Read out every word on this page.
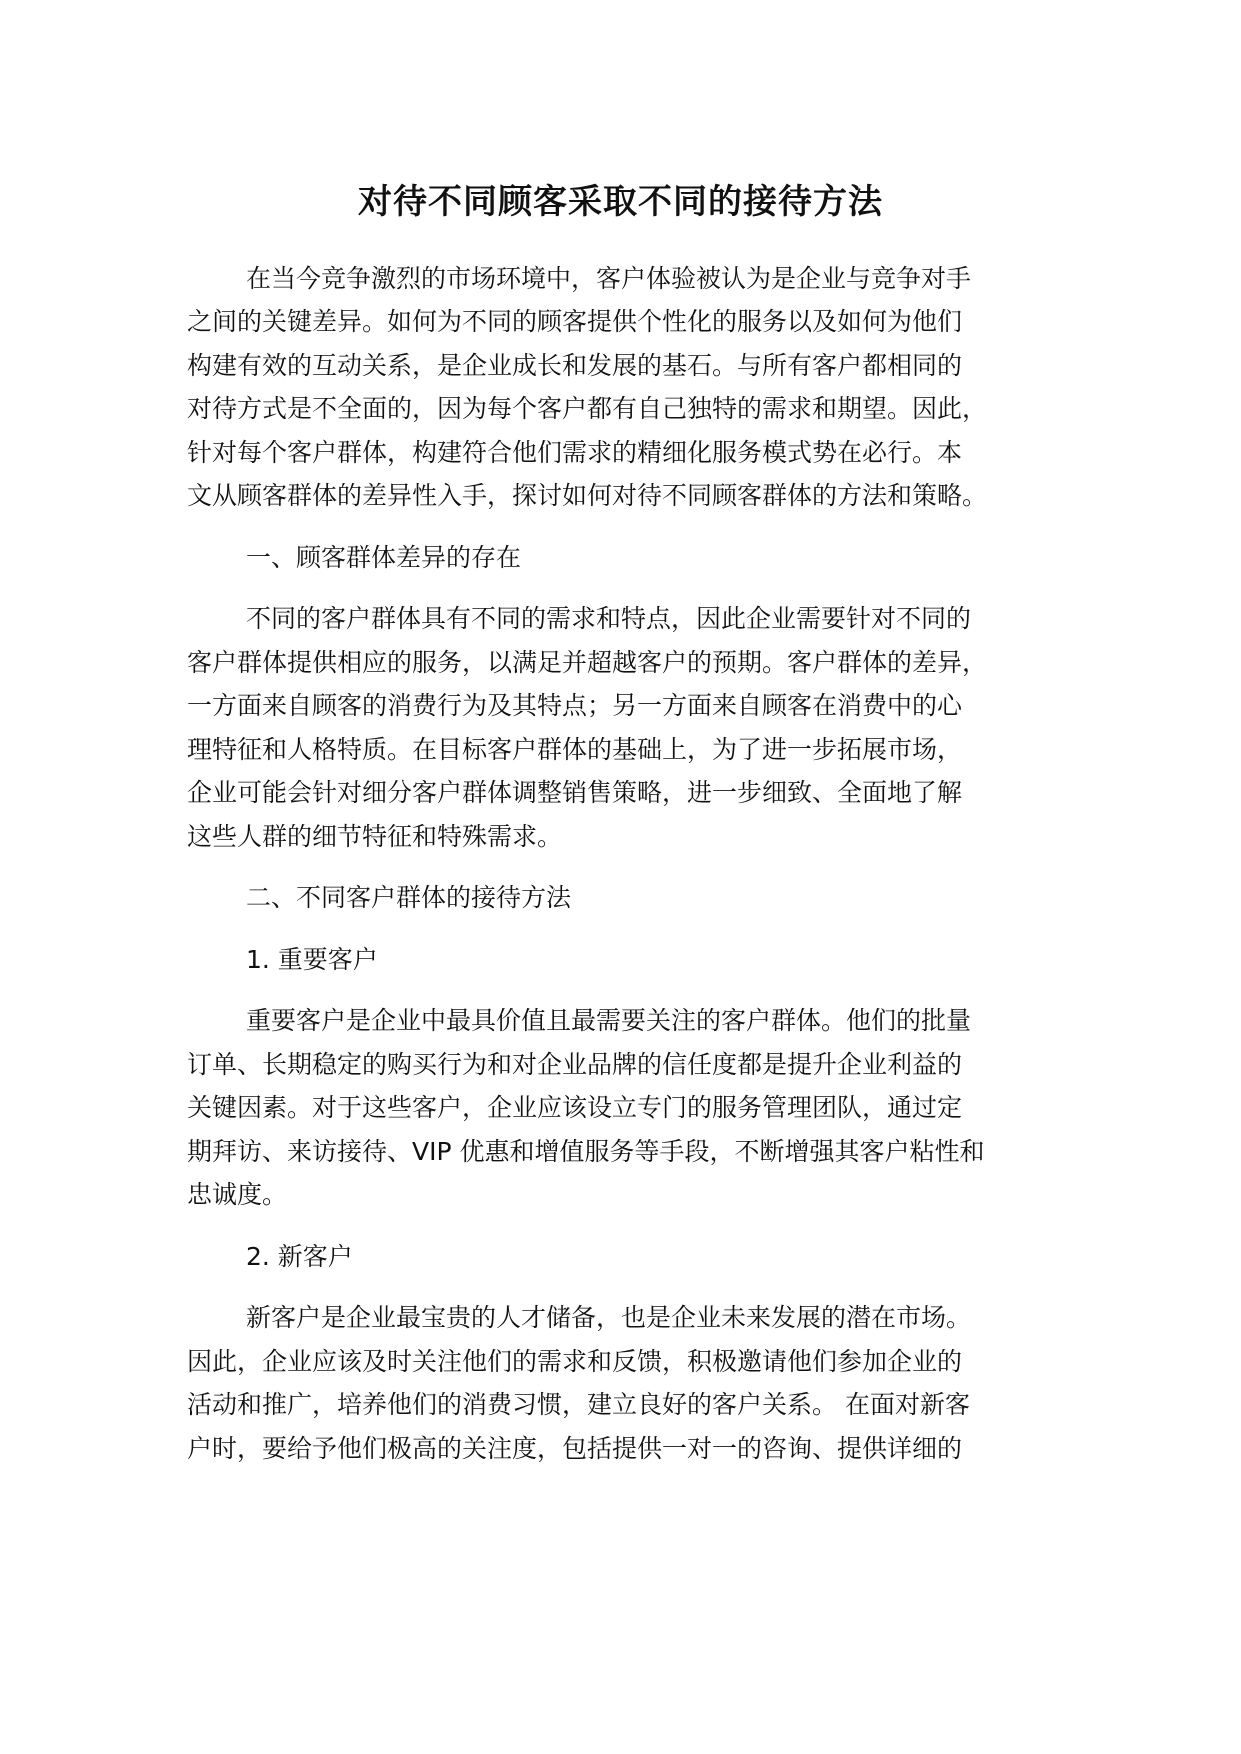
对待不同顾客采取不同的接待方法
在当今竞争激烈的市场环境中，客户体验被认为是企业与竞争对手
之间的关键差异。如何为不同的顾客提供个性化的服务以及如何为他们
构建有效的互动关系，是企业成长和发展的基石。与所有客户都相同的
对待方式是不全面的，因为每个客户都有自己独特的需求和期望。因此，
针对每个客户群体，构建符合他们需求的精细化服务模式势在必行。本
文从顾客群体的差异性入手，探讨如何对待不同顾客群体的方法和策略。
一、顾客群体差异的存在
不同的客户群体具有不同的需求和特点，因此企业需要针对不同的
客户群体提供相应的服务，以满足并超越客户的预期。客户群体的差异，
一方面来自顾客的消费行为及其特点；另一方面来自顾客在消费中的心
理特征和人格特质。在目标客户群体的基础上，为了进一步拓展市场，
企业可能会针对细分客户群体调整销售策略，进一步细致、全面地了解
这些人群的细节特征和特殊需求。
二、不同客户群体的接待方法
1. 重要客户
重要客户是企业中最具价值且最需要关注的客户群体。他们的批量
订单、长期稳定的购买行为和对企业品牌的信任度都是提升企业利益的
关键因素。对于这些客户，企业应该设立专门的服务管理团队，通过定
期拜访、来访接待、VIP 优惠和增值服务等手段，不断增强其客户粘性和
忠诚度。
2. 新客户
新客户是企业最宝贵的人才储备，也是企业未来发展的潜在市场。
因此，企业应该及时关注他们的需求和反馈，积极邀请他们参加企业的
活动和推广，培养他们的消费习惯，建立良好的客户关系。 在面对新客
户时，要给予他们极高的关注度，包括提供一对一的咨询、提供详细的
